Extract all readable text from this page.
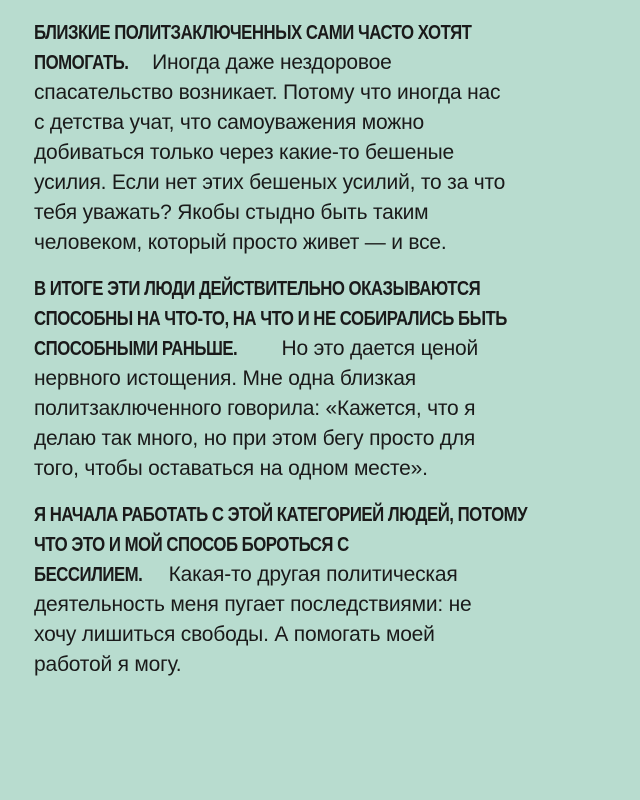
БЛИЗКИЕ ПОЛИТЗАКЛЮЧЕННЫХ САМИ ЧАСТО ХОТЯТ
ПОМОГАТЬ. Иногда даже нездоровое
спасательство возникает. Потому что иногда нас
с детства учат, что самоуважения можно
добиваться только через какие-то бешеные
усилия. Если нет этих бешеных усилий, то за что
тебя уважать? Якобы стыдно быть таким
человеком, который просто живет — и все.
В ИТОГЕ ЭТИ ЛЮДИ ДЕЙСТВИТЕЛЬНО ОКАЗЫВАЮТСЯ
СПОСОБНЫ НА ЧТО-ТО, НА ЧТО И НЕ СОБИРАЛИСЬ БЫТЬ
СПОСОБНЫМИ РАНЬШЕ. Но это дается ценой
нервного истощения. Мне одна близкая
политзаключенного говорила: «Кажется, что я
делаю так много, но при этом бегу просто для
того, чтобы оставаться на одном месте».
Я НАЧАЛА РАБОТАТЬ С ЭТОЙ КАТЕГОРИЕЙ ЛЮДЕЙ, ПОТОМУ
ЧТО ЭТО И МОЙ СПОСОБ БОРОТЬСЯ С
БЕССИЛИЕМ. Какая-то другая политическая
деятельность меня пугает последствиями: не
хочу лишиться свободы. А помогать моей
работой я могу.
